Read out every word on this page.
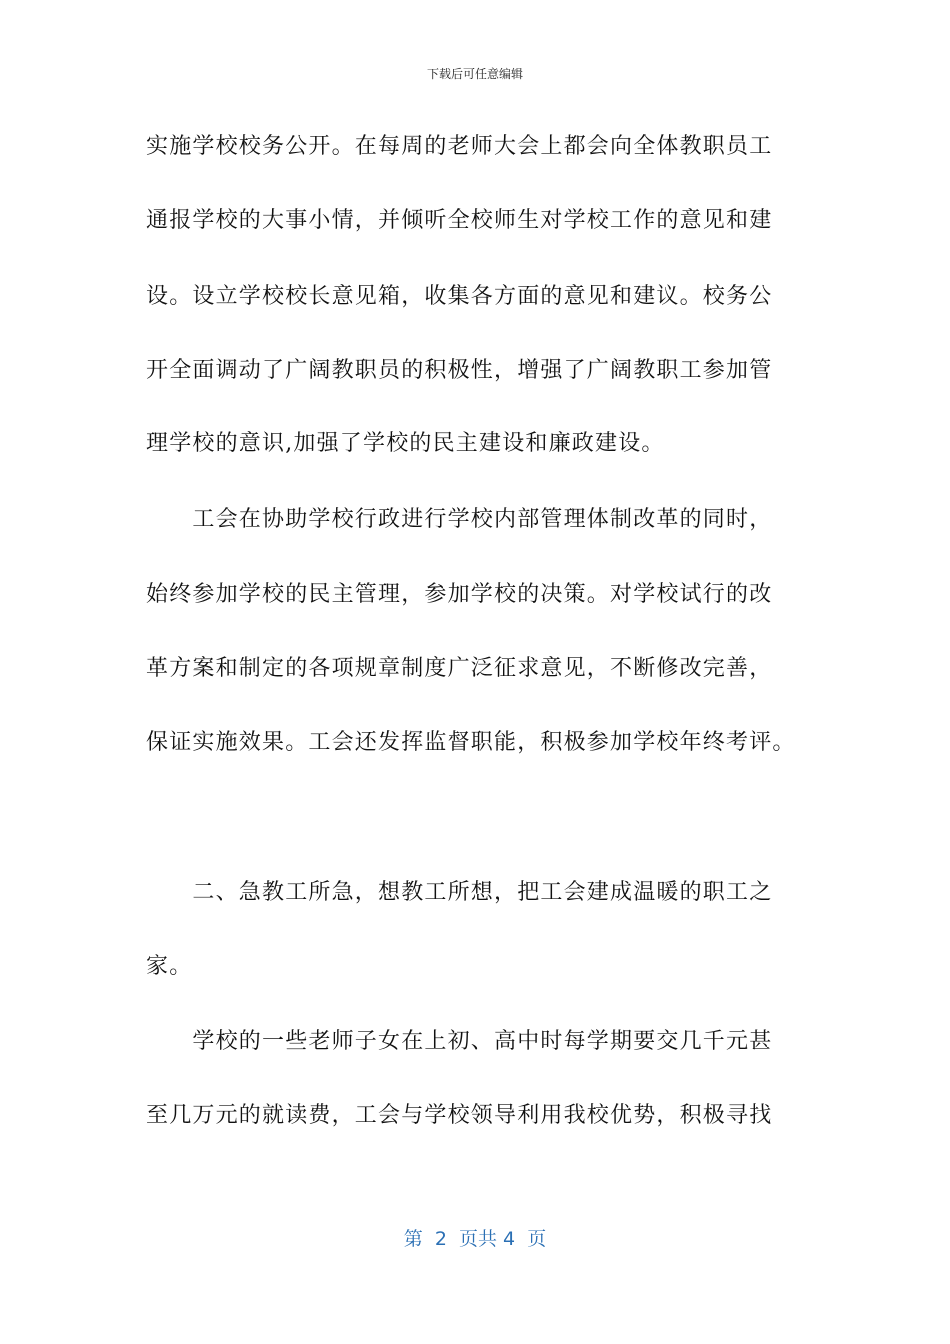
下载后可任意编辑
实施学校校务公开。在每周的老师大会上都会向全体教职员工
通报学校的大事小情，并倾听全校师生对学校工作的意见和建
设。设立学校校长意见箱，收集各方面的意见和建议。校务公
开全面调动了广阔教职员的积极性，增强了广阔教职工参加管
理学校的意识,加强了学校的民主建设和廉政建设。
　　工会在协助学校行政进行学校内部管理体制改革的同时，
始终参加学校的民主管理，参加学校的决策。对学校试行的改
革方案和制定的各项规章制度广泛征求意见，不断修改完善，
保证实施效果。工会还发挥监督职能，积极参加学校年终考评。
　　二、急教工所急，想教工所想，把工会建成温暖的职工之
家。
　　学校的一些老师子女在上初、高中时每学期要交几千元甚
至几万元的就读费，工会与学校领导利用我校优势，积极寻找
第  2  页共 4  页
